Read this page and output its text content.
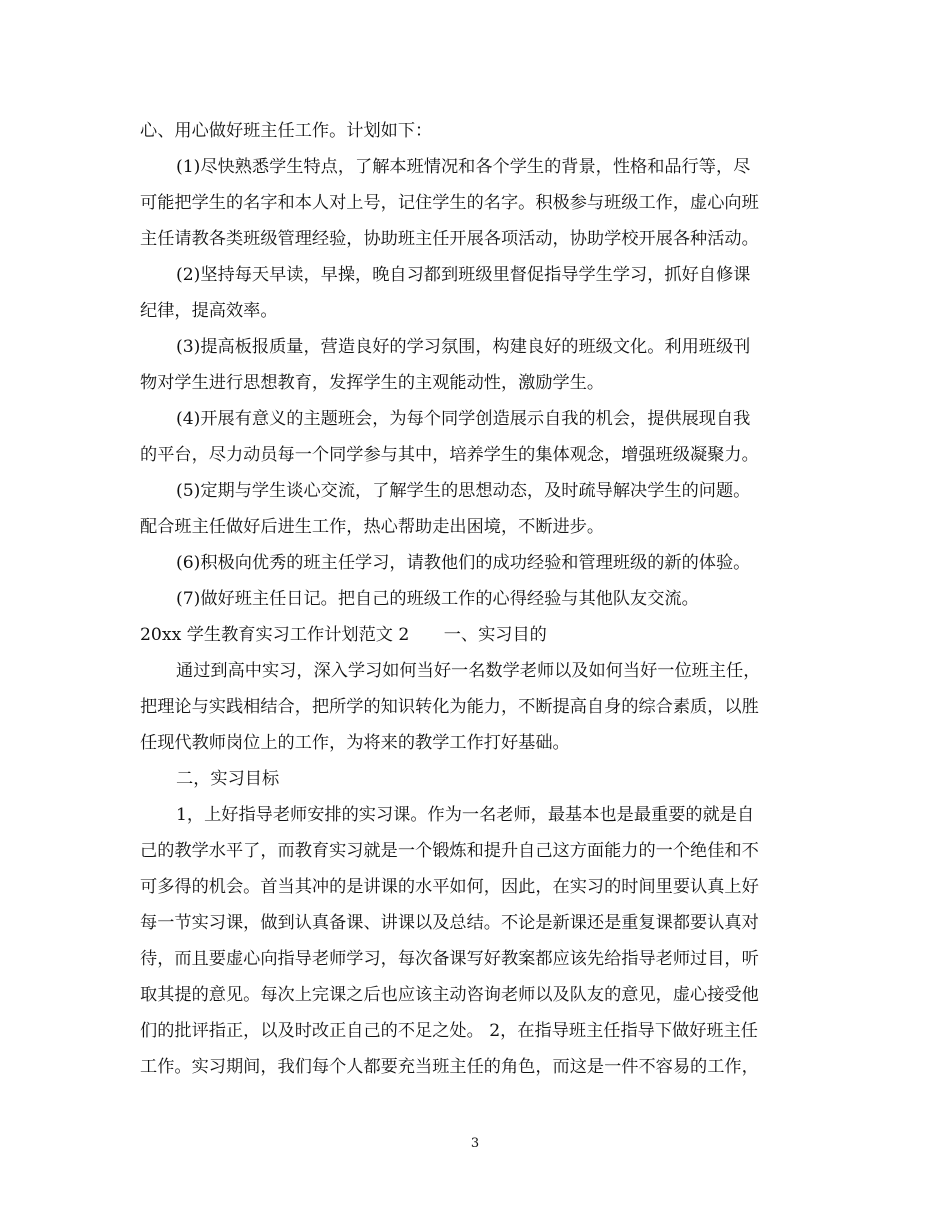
心、用心做好班主任工作。计划如下：
(1)尽快熟悉学生特点，了解本班情况和各个学生的背景，性格和品行等，尽
可能把学生的名字和本人对上号，记住学生的名字。积极参与班级工作，虚心向班
主任请教各类班级管理经验，协助班主任开展各项活动，协助学校开展各种活动。
(2)坚持每天早读，早操，晚自习都到班级里督促指导学生学习，抓好自修课
纪律，提高效率。
(3)提高板报质量，营造良好的学习氛围，构建良好的班级文化。利用班级刊
物对学生进行思想教育，发挥学生的主观能动性，激励学生。
(4)开展有意义的主题班会，为每个同学创造展示自我的机会，提供展现自我
的平台，尽力动员每一个同学参与其中，培养学生的集体观念，增强班级凝聚力。
(5)定期与学生谈心交流，了解学生的思想动态，及时疏导解决学生的问题。
配合班主任做好后进生工作，热心帮助走出困境，不断进步。
(6)积极向优秀的班主任学习，请教他们的成功经验和管理班级的新的体验。
(7)做好班主任日记。把自己的班级工作的心得经验与其他队友交流。
20xx 学生教育实习工作计划范文 2　　一、实习目的
通过到高中实习，深入学习如何当好一名数学老师以及如何当好一位班主任，
把理论与实践相结合，把所学的知识转化为能力，不断提高自身的综合素质，以胜
任现代教师岗位上的工作，为将来的教学工作打好基础。
二，实习目标
1，上好指导老师安排的实习课。作为一名老师，最基本也是最重要的就是自
己的教学水平了，而教育实习就是一个锻炼和提升自己这方面能力的一个绝佳和不
可多得的机会。首当其冲的是讲课的水平如何，因此，在实习的时间里要认真上好
每一节实习课，做到认真备课、讲课以及总结。不论是新课还是重复课都要认真对
待，而且要虚心向指导老师学习，每次备课写好教案都应该先给指导老师过目，听
取其提的意见。每次上完课之后也应该主动咨询老师以及队友的意见，虚心接受他
们的批评指正，以及时改正自己的不足之处。 2，在指导班主任指导下做好班主任
工作。实习期间，我们每个人都要充当班主任的角色，而这是一件不容易的工作，
3
